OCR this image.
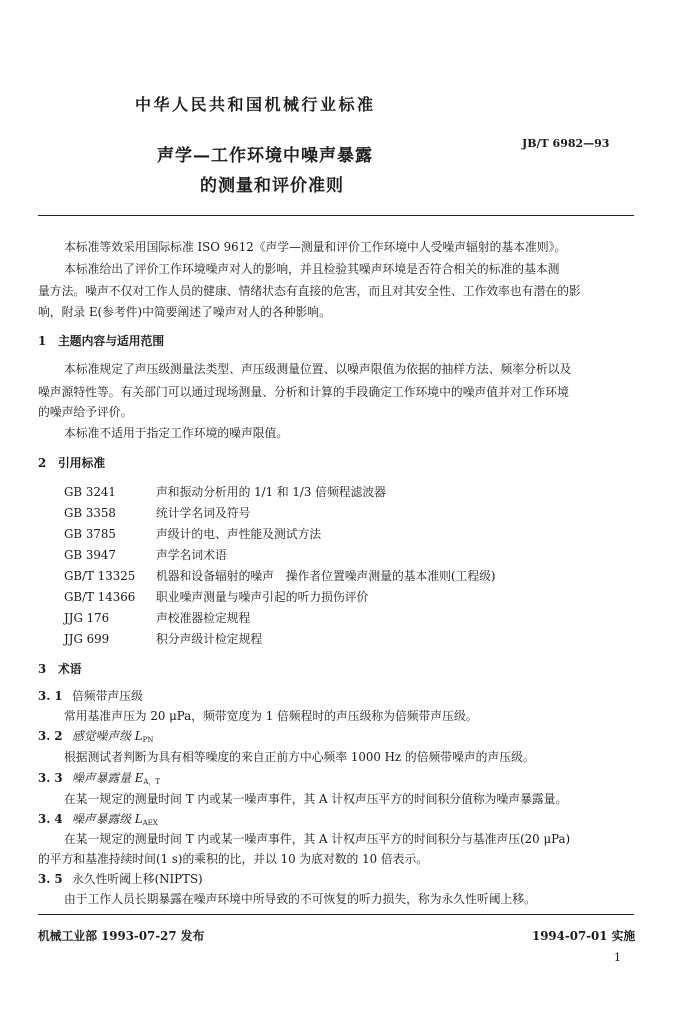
中华人民共和国机械行业标准
声学—工作环境中噪声暴露
的测量和评价准则
JB/T 6982—93
本标准等效采用国际标准 ISO 9612《声学—测量和评价工作环境中人受噪声辐射的基本准则》。
本标准给出了评价工作环境噪声对人的影响，并且检验其噪声环境是否符合相关的标准的基本测
量方法。噪声不仅对工作人员的健康、情绪状态有直接的危害，而且对其安全性、工作效率也有潜在的影
响，附录 E(参考件)中简要阐述了噪声对人的各种影响。
1　主题内容与适用范围
本标准规定了声压级测量法类型、声压级测量位置、以噪声限值为依据的抽样方法、频率分析以及
噪声源特性等。有关部门可以通过现场测量、分析和计算的手段确定工作环境中的噪声值并对工作环境
的噪声给予评价。
本标准不适用于指定工作环境的噪声限值。
2　引用标准
GB 3241	声和振动分析用的 1/1 和 1/3 倍频程滤波器
GB 3358	统计学名词及符号
GB 3785	声级计的电、声性能及测试方法
GB 3947	声学名词术语
GB/T 13325 机器和设备辐射的噪声　操作者位置噪声测量的基本准则(工程级)
GB/T 14366 职业噪声测量与噪声引起的听力损伤评价
JJG 176	声校准器检定规程
JJG 699	积分声级计检定规程
3　术语
3. 1 倍频带声压级
常用基准声压为 20 μPa，频带宽度为 1 倍频程时的声压级称为倍频带声压级。
3. 2 感觉噪声级 $L_{PN}$
根据测试者判断为具有相等噪度的来自正前方中心频率 1000 Hz 的倍频带噪声的声压级。
3. 3 噪声暴露量 $E_{A,T}$
在某一规定的测量时间 T 内或某一噪声事件，其 A 计权声压平方的时间积分值称为噪声暴露量。
3. 4 噪声暴露级 $L_{AEX}$
在某一规定的测量时间 T 内或某一噪声事件，其 A 计权声压平方的时间积分与基准声压(20 μPa)
的平方和基准持续时间(1 s)的乘积的比，并以 10 为底对数的 10 倍表示。
3. 5 永久性听阈上移(NIPTS)
由于工作人员长期暴露在噪声环境中所导致的不可恢复的听力损失，称为永久性听阈上移。
机械工业部 1993-07-27 发布	1994-07-01 实施
1
